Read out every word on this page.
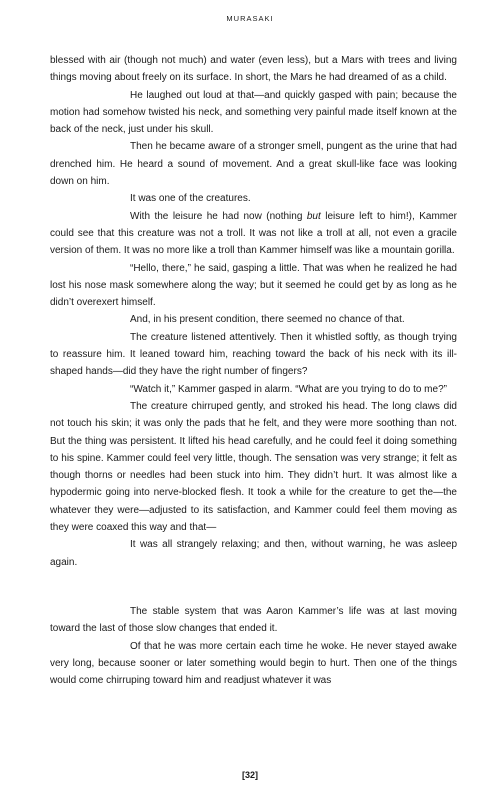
MURASAKI

blessed with air (though not much) and water (even less), but a Mars with trees and living things moving about freely on its surface. In short, the Mars he had dreamed of as a child.

He laughed out loud at that—and quickly gasped with pain; because the motion had somehow twisted his neck, and something very painful made itself known at the back of the neck, just under his skull.

Then he became aware of a stronger smell, pungent as the urine that had drenched him. He heard a sound of movement. And a great skull-like face was looking down on him.

It was one of the creatures.

With the leisure he had now (nothing but leisure left to him!), Kammer could see that this creature was not a troll. It was not like a troll at all, not even a gracile version of them. It was no more like a troll than Kammer himself was like a mountain gorilla.

“Hello, there,” he said, gasping a little. That was when he realized he had lost his nose mask somewhere along the way; but it seemed he could get by as long as he didn’t overexert himself.

And, in his present condition, there seemed no chance of that.

The creature listened attentively. Then it whistled softly, as though trying to reassure him. It leaned toward him, reaching toward the back of his neck with its ill-shaped hands—did they have the right number of fingers?

“Watch it,” Kammer gasped in alarm. “What are you trying to do to me?”

The creature chirruped gently, and stroked his head. The long claws did not touch his skin; it was only the pads that he felt, and they were more soothing than not. But the thing was persistent. It lifted his head carefully, and he could feel it doing something to his spine. Kammer could feel very little, though. The sensation was very strange; it felt as though thorns or needles had been stuck into him. They didn’t hurt. It was almost like a hypodermic going into nerve-blocked flesh. It took a while for the creature to get the—the whatever they were—adjusted to its satisfaction, and Kammer could feel them moving as they were coaxed this way and that—

It was all strangely relaxing; and then, without warning, he was asleep again.

The stable system that was Aaron Kammer’s life was at last moving toward the last of those slow changes that ended it.

Of that he was more certain each time he woke. He never stayed awake very long, because sooner or later something would begin to hurt. Then one of the things would come chirruping toward him and readjust whatever it was

[32]
